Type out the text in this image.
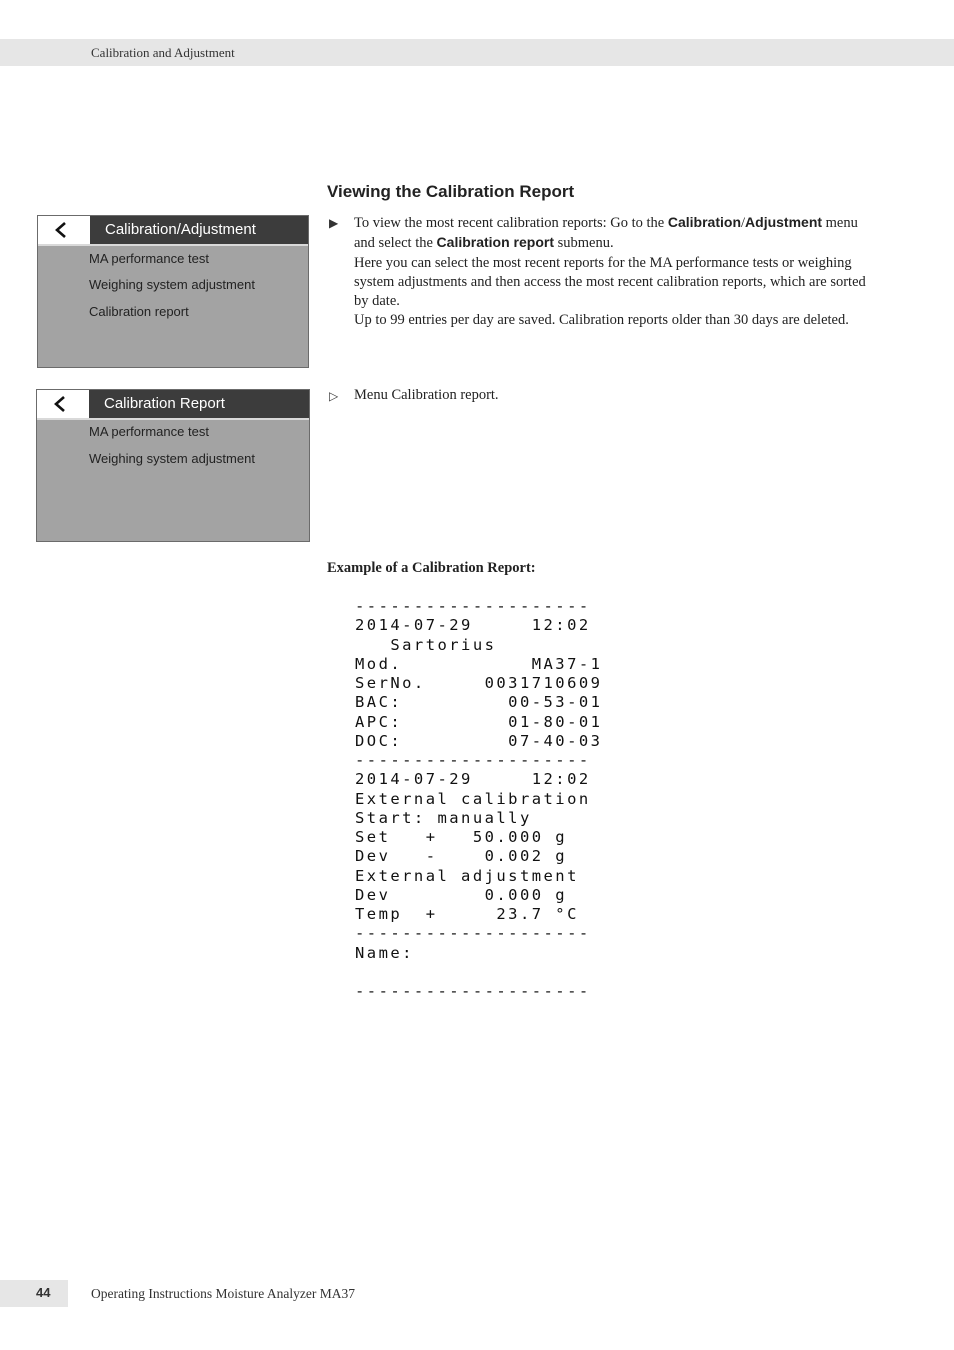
Calibration and Adjustment
Calibration/Adjustment
MA performance test
Weighing system adjustment
Calibration report
Calibration Report
MA performance test
Weighing system adjustment
Viewing the Calibration Report
▶ To view the most recent calibration reports: Go to the Calibration/Adjustment menu and select the Calibration report submenu.
Here you can select the most recent reports for the MA performance tests or weighing system adjustments and then access the most recent calibration reports, which are sorted by date.
Up to 99 entries per day are saved. Calibration reports older than 30 days are deleted.
▷ Menu Calibration report.
Example of a Calibration Report:
--------------------
2014-07-29     12:02
Sartorius
Mod.           MA37-1
SerNo.     0031710609
BAC:         00-53-01
APC:         01-80-01
DOC:         07-40-03
--------------------
2014-07-29     12:02
External calibration
Start: manually
Set   +   50.000 g
Dev   -    0.002 g
External adjustment
Dev        0.000 g
Temp  +     23.7 °C
--------------------
Name:
--------------------
44	Operating Instructions Moisture Analyzer MA37
